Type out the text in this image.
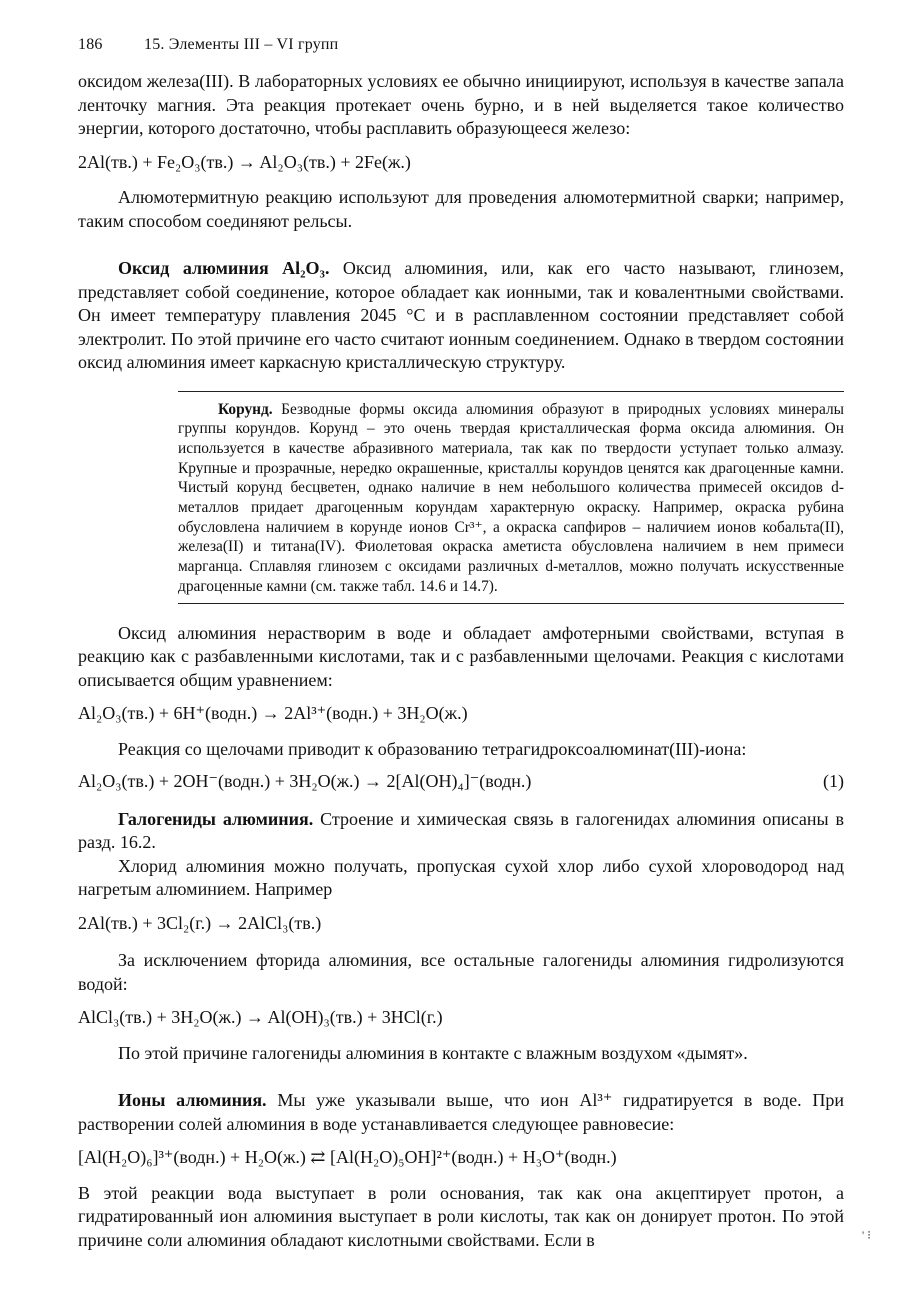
186	15. Элементы III – VI групп

оксидом железа(III). В лабораторных условиях ее обычно инициируют, используя в качестве запала ленточку магния. Эта реакция протекает очень бурно, и в ней выделяется такое количество энергии, которого достаточно, чтобы расплавить образующееся железо:

2Al(тв.) + Fe₂O₃(тв.) → Al₂O₃(тв.) + 2Fe(ж.)

Алюмотермитную реакцию используют для проведения алюмотермитной сварки; например, таким способом соединяют рельсы.

Оксид алюминия Al₂O₃. Оксид алюминия, или, как его часто называют, глинозем, представляет собой соединение, которое обладает как ионными, так и ковалентными свойствами. Он имеет температуру плавления 2045 °С и в расплавленном состоянии представляет собой электролит. По этой причине его часто считают ионным соединением. Однако в твердом состоянии оксид алюминия имеет каркасную кристаллическую структуру.

Корунд. Безводные формы оксида алюминия образуют в природных условиях минералы группы корундов. Корунд – это очень твердая кристаллическая форма оксида алюминия. Он используется в качестве абразивного материала, так как по твердости уступает только алмазу. Крупные и прозрачные, нередко окрашенные, кристаллы корундов ценятся как драгоценные камни. Чистый корунд бесцветен, однако наличие в нем небольшого количества примесей оксидов d-металлов придает драгоценным корундам характерную окраску. Например, окраска рубина обусловлена наличием в корунде ионов Cr³⁺, а окраска сапфиров – наличием ионов кобальта(II), железа(II) и титана(IV). Фиолетовая окраска аметиста обусловлена наличием в нем примеси марганца. Сплавляя глинозем с оксидами различных d-металлов, можно получать искусственные драгоценные камни (см. также табл. 14.6 и 14.7).

Оксид алюминия нерастворим в воде и обладает амфотерными свойствами, вступая в реакцию как с разбавленными кислотами, так и с разбавленными щелочами. Реакция с кислотами описывается общим уравнением:

Al₂O₃(тв.) + 6H⁺(водн.) → 2Al³⁺(водн.) + 3H₂O(ж.)

Реакция со щелочами приводит к образованию тетрагидроксоалюминат(III)-иона:

Al₂O₃(тв.) + 2OH⁻(водн.) + 3H₂O(ж.) → 2[Al(OH)₄]⁻(водн.)	(1)

Галогениды алюминия. Строение и химическая связь в галогенидах алюминия описаны в разд. 16.2.

Хлорид алюминия можно получать, пропуская сухой хлор либо сухой хлороводород над нагретым алюминием. Например

2Al(тв.) + 3Cl₂(г.) → 2AlCl₃(тв.)

За исключением фторида алюминия, все остальные галогениды алюминия гидролизуются водой:

AlCl₃(тв.) + 3H₂O(ж.) → Al(OH)₃(тв.) + 3HCl(г.)

По этой причине галогениды алюминия в контакте с влажным воздухом «дымят».

Ионы алюминия. Мы уже указывали выше, что ион Al³⁺ гидратируется в воде. При растворении солей алюминия в воде устанавливается следующее равновесие:

[Al(H₂O)₆]³⁺(водн.) + H₂O(ж.) ⇄ [Al(H₂O)₅OH]²⁺(водн.) + H₃O⁺(водн.)

В этой реакции вода выступает в роли основания, так как она акцептирует протон, а гидратированный ион алюминия выступает в роли кислоты, так как он донирует протон. По этой причине соли алюминия обладают кислотными свойствами. Если в	' ⁝
